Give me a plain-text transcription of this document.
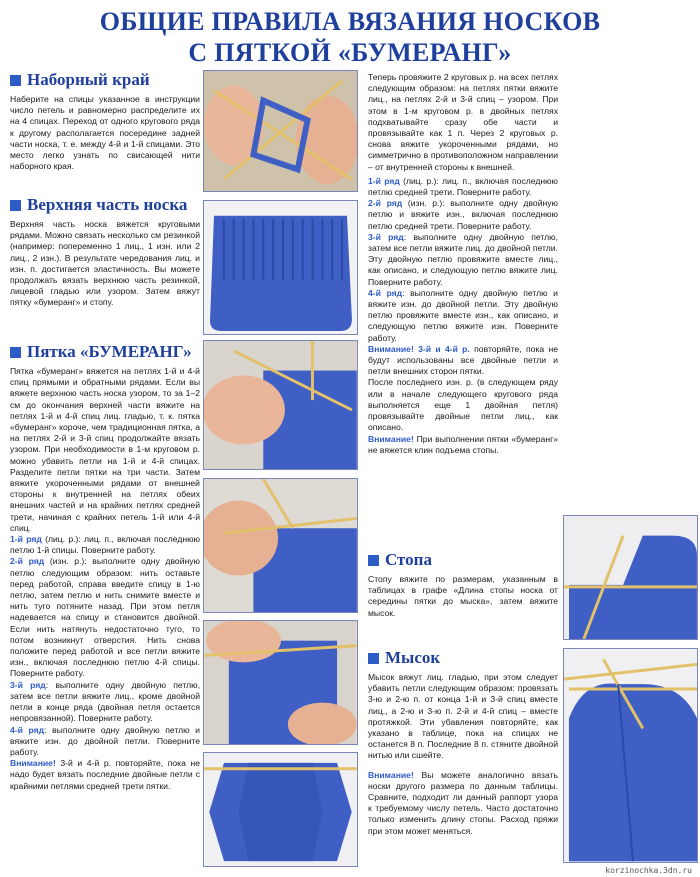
ОБЩИЕ ПРАВИЛА ВЯЗАНИЯ НОСКОВ
С ПЯТКОЙ «БУМЕРАНГ»
Наборный край
Наберите на спицы указанное в инструкции число петель и равномерно распределите их на 4 спицах. Переход от одного кругового ряда к другому располагается посередине задней части носка, т. е. между 4-й и 1-й спицами. Это место легко узнать по свисающей нити наборного края.
Верхняя часть носка
Верхняя часть носка вяжется круговыми рядами. Можно связать несколько см резинкой (например: попеременно 1 лиц., 1 изн. или 2 лиц., 2 изн.). В результате чередования лиц. и изн. п. достигается эластичность. Вы можете продолжать вязать верхнюю часть резинкой, лицевой гладью или узором. Затем вяжут пятку «бумеранг» и стопу.
Пятка «БУМЕРАНГ»

Пятка «бумеранг» вяжется на петлях 1-й и 4-й спиц прямыми и обратными рядами. Если вы вяжете верхнюю часть носка узором, то за 1–2 см до окончания верхней части вяжите на петлях 1-й и 4-й спиц лиц. гладью, т. к. пятка «бумеранг» короче, чем традиционная пятка, а на петлях 2-й и 3-й спиц продолжайте вязать узором. При необходимости в 1-м круговом р. можно убавить петли на 1-й и 4-й спицах. Разделите петли пятки на три части. Затем вяжите укороченными рядами от внешней стороны к внутренней на петлях обеих внешних частей и на крайних петлях средней трети, начиная с крайних петель 1-й или 4-й спиц.

1-й ряд (лиц. р.): лиц. п., включая последнюю петлю 1-й спицы. Поверните работу.

2-й ряд (изн. р.): выполните одну двойную петлю следующим образом: нить оставьте перед работой, справа введите спицу в 1-ю петлю, затем петлю и нить снимите вместе и нить туго потяните назад. При этом петля надевается на спицу и становится двойной. Если нить натянуть недостаточно туго, то потом возникнут отверстия. Нить снова положите перед работой и все петли вяжите изн., включая последнюю петлю 4-й спицы. Поверните работу.

3-й ряд: выполните одну двойную петлю, затем все петли вяжите лиц., кроме двойной петли в конце ряда (двойная петля остается непровязанной). Поверните работу.

4-й ряд: выполните одну двойную петлю и вяжите изн. до двойной петли. Поверните работу.

Внимание! 3-й и 4-й р. повторяйте, пока не надо будет вязать последние двойные петли с крайними петлями средней трети пятки.

Теперь провяжите 2 круговых р. на всех петлях следующим образом: на петлях пятки вяжите лиц., на петлях 2-й и 3-й спиц – узором. При этом в 1-м круговом р. в двойных петлях подхватывайте сразу обе части и провязывайте как 1 п. Через 2 круговых р. снова вяжите укороченными рядами, но симметрично в противоположном направлении – от внутренней стороны к внешней.

1-й ряд (лиц. р.): лиц. п., включая последнюю петлю средней трети. Поверните работу.

2-й ряд (изн. р.): выполните одну двойную петлю и вяжите изн., включая последнюю петлю средней трети. Поверните работу.

3-й ряд: выполните одну двойную петлю, затем все петли вяжите лиц. до двойной петли. Эту двойную петлю провяжите вместе лиц., как описано, и следующую петлю вяжите лиц. Поверните работу.

4-й ряд: выполните одну двойную петлю и вяжите изн. до двойной петли. Эту двойную петлю провяжите вместе изн., как описано, и следующую петлю вяжите изн. Поверните работу.

Внимание! 3-й и 4-й р. повторяйте, пока не будут использованы все двойные петли и петли внешних сторон пятки.

После последнего изн. р. (в следующем ряду или в начале следующего кругового ряда выполняется еще 1 двойная петля) провязывайте двойные петли лиц., как описано.

Внимание! При выполнении пятки «бумеранг» не вяжется клин подъема стопы.

Стопа
Стопу вяжите по размерам, указанным в таблицах в графе «Длина стопы носка от середины пятки до мыска», затем вяжите мысок.
Мысок

Мысок вяжут лиц. гладью, при этом следует убавить петли следующим образом: провязать 3-ю и 2-ю п. от конца 1-й и 3-й спиц вместе лиц., а 2-ю и 3-ю п. 2-й и 4-й спиц – вместе протяжкой. Эти убавления повторяйте, как указано в таблице, пока на спицах не останется 8 п. Последние 8 п. стяните двойной нитью или сшейте.

Внимание! Вы можете аналогично вязать носки другого размера по данным таблицы. Сравните, подходит ли данный раппорт узора к требуемому числу петель. Часто достаточно только изменить длину стопы. Расход пряжи при этом может меняться.

korzinochka.3dn.ru
